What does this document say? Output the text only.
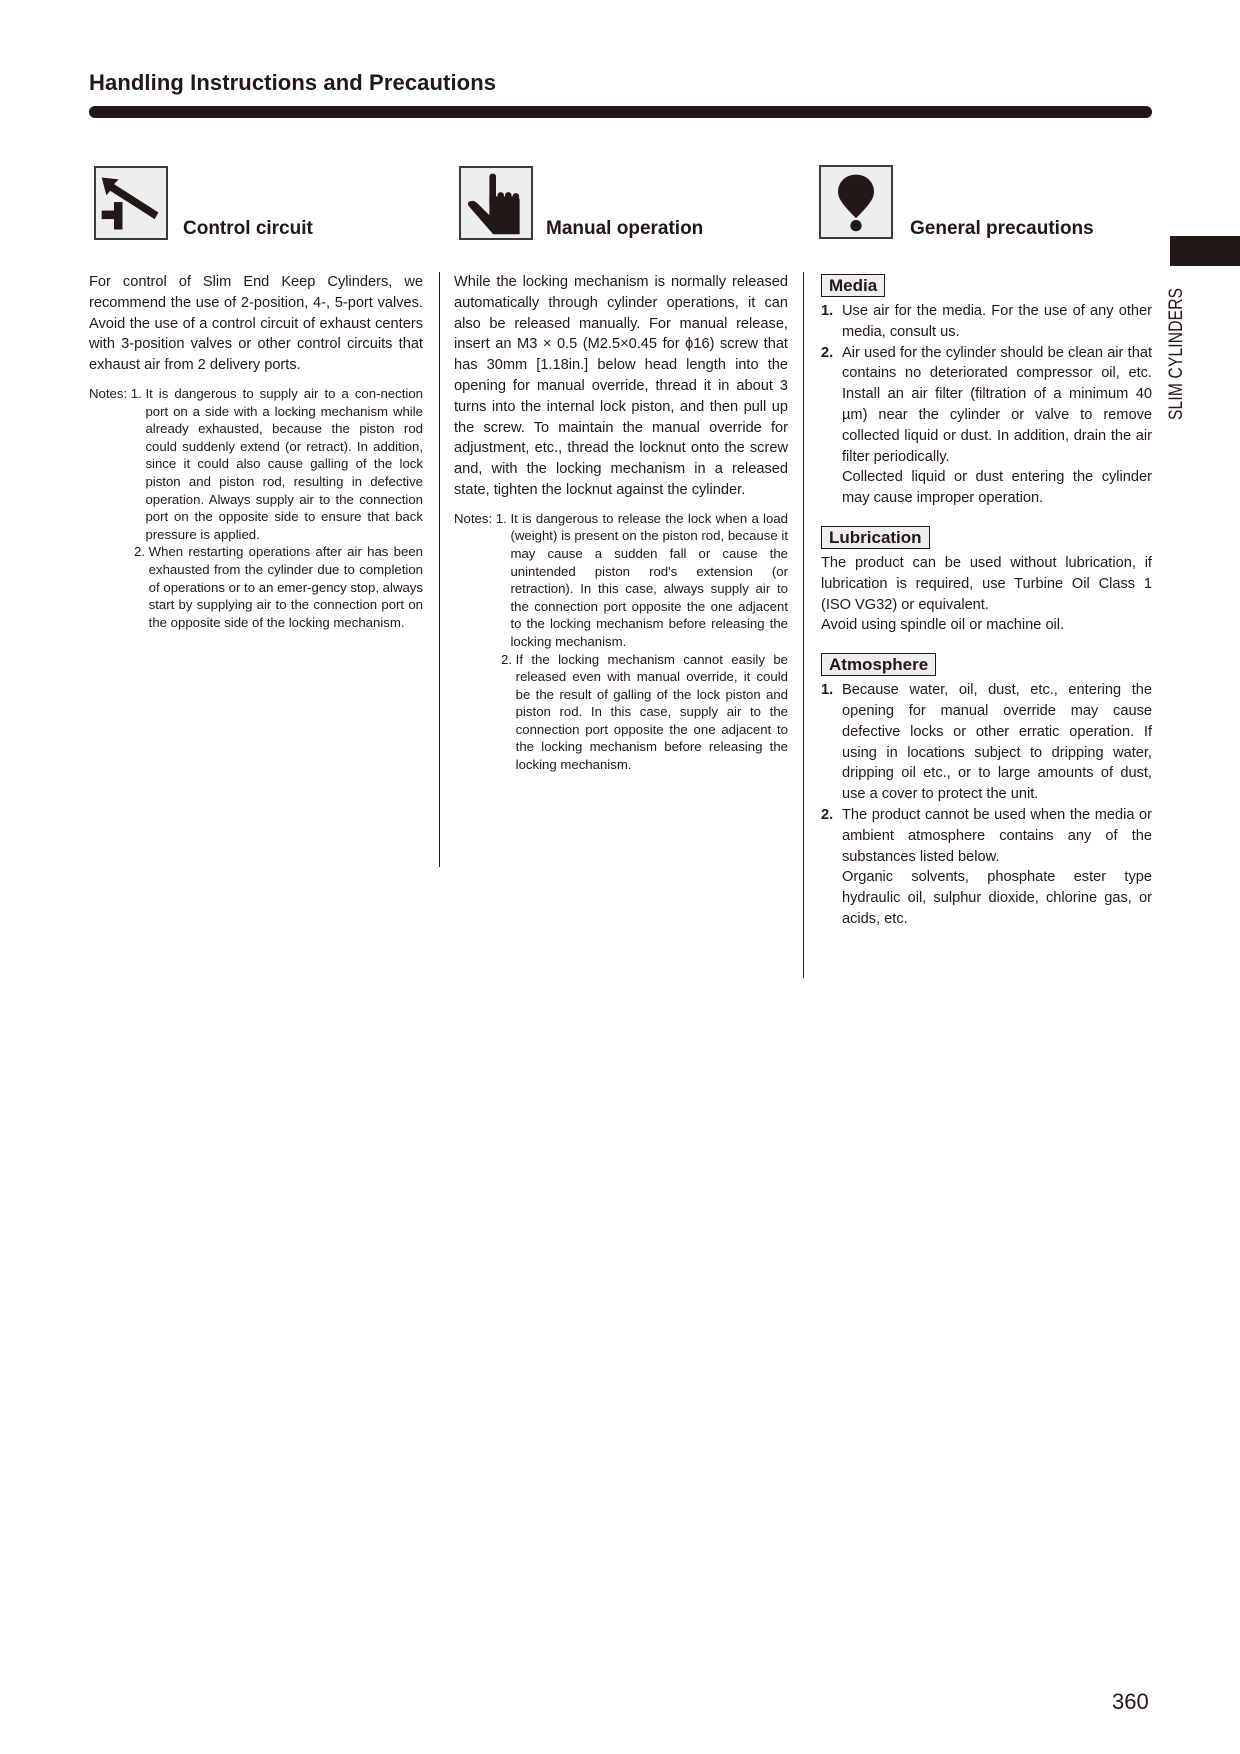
Handling Instructions and Precautions
SLIM CYLINDERS
Control circuit	Manual operation	General precautions

For control of Slim End Keep Cylinders, we recommend the use of 2-position, 4-, 5-port valves. Avoid the use of a control circuit of exhaust centers with 3-position valves or other control circuits that exhaust air from 2 delivery ports.

Notes: 1. It is dangerous to supply air to a con-nection port on a side with a locking mechanism while already exhausted, because the piston rod could suddenly extend (or retract). In addition, since it could also cause galling of the lock piston and piston rod, resulting in defective operation. Always supply air to the connection port on the opposite side to ensure that back pressure is applied.
2. When restarting operations after air has been exhausted from the cylinder due to completion of operations or to an emer-gency stop, always start by supplying air to the connection port on the opposite side of the locking mechanism.

While the locking mechanism is normally released automatically through cylinder operations, it can also be released manually. For manual release, insert an M3 × 0.5 (M2.5×0.45 for ϕ16) screw that has 30mm [1.18in.] below head length into the opening for manual override, thread it in about 3 turns into the internal lock piston, and then pull up the screw. To maintain the manual override for adjustment, etc., thread the locknut onto the screw and, with the locking mechanism in a released state, tighten the locknut against the cylinder.

Notes: 1. It is dangerous to release the lock when a load (weight) is present on the piston rod, because it may cause a sudden fall or cause the unintended piston rod's extension (or retraction). In this case, always supply air to the connection port opposite the one adjacent to the locking mechanism before releasing the locking mechanism.
2. If the locking mechanism cannot easily be released even with manual override, it could be the result of galling of the lock piston and piston rod. In this case, supply air to the connection port opposite the one adjacent to the locking mechanism before releasing the locking mechanism.
Media
1. Use air for the media. For the use of any other media, consult us.

2. Air used for the cylinder should be clean air that contains no deteriorated compressor oil, etc. Install an air filter (filtration of a minimum 40 µm) near the cylinder or valve to remove collected liquid or dust. In addition, drain the air filter periodically.

Collected liquid or dust entering the cylinder may cause improper operation.

Lubrication

The product can be used without lubrication, if lubrication is required, use Turbine Oil Class 1 (ISO VG32) or equivalent.

Avoid using spindle oil or machine oil.

Atmosphere
1. Because water, oil, dust, etc., entering the opening for manual override may cause defective locks or other erratic operation. If using in locations subject to dripping water, dripping oil etc., or to large amounts of dust, use a cover to protect the unit.

2. The product cannot be used when the media or ambient atmosphere contains any of the substances listed below.

Organic solvents, phosphate ester type hydraulic oil, sulphur dioxide, chlorine gas, or acids, etc.

360
